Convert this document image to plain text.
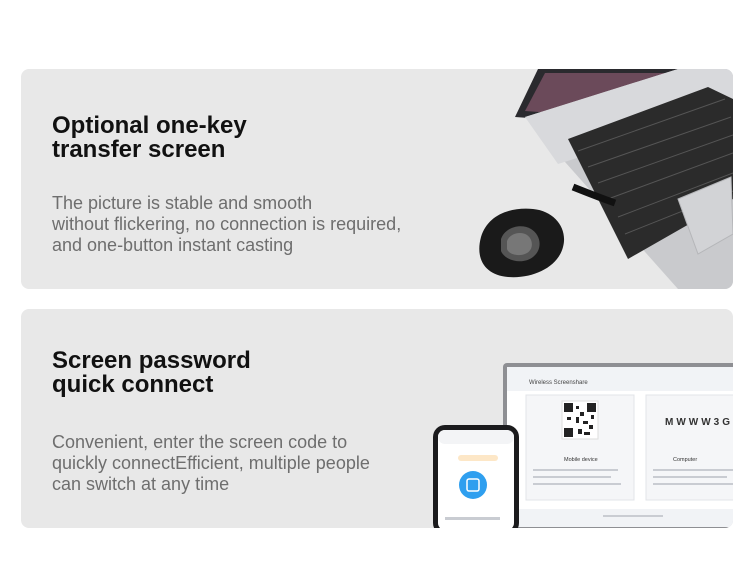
Optional one-key
transfer screen
The picture is stable and smooth
without flickering, no connection is required,
and one-button instant casting
Screen password
quick connect
Convenient, enter the screen code to
quickly connectEfficient, multiple people
can switch at any time
Wireless Screenshare
Mobile device
MWWW3G
Computer
